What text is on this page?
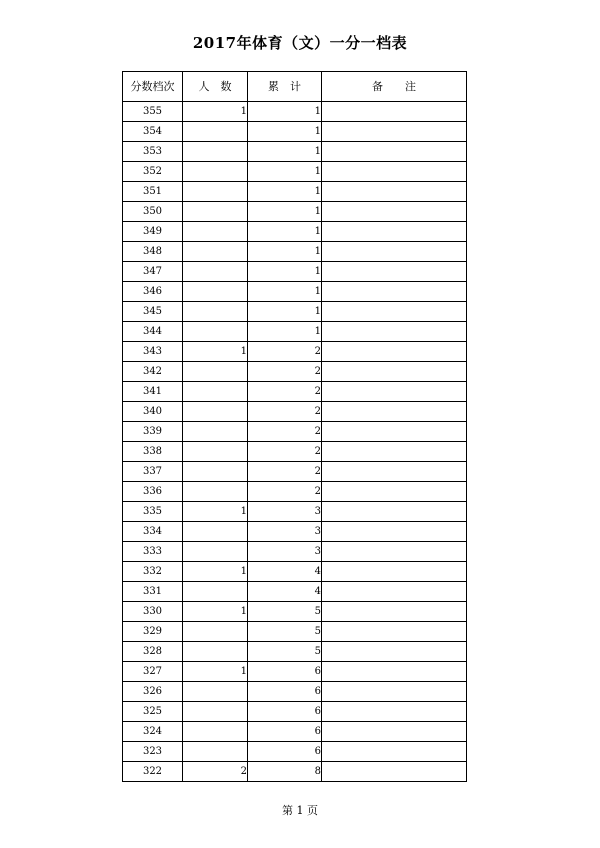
2017年体育（文）一分一档表
分数档次	人　数	累　计	备　　注
355	1	1	
354		1	
353		1	
352		1	
351		1	
350		1	
349		1	
348		1	
347		1	
346		1	
345		1	
344		1	
343	1	2	
342		2	
341		2	
340		2	
339		2	
338		2	
337		2	
336		2	
335	1	3	
334		3	
333		3	
332	1	4	
331		4	
330	1	5	
329		5	
328		5	
327	1	6	
326		6	
325		6	
324		6	
323		6	
322	2	8	
第 1 页
